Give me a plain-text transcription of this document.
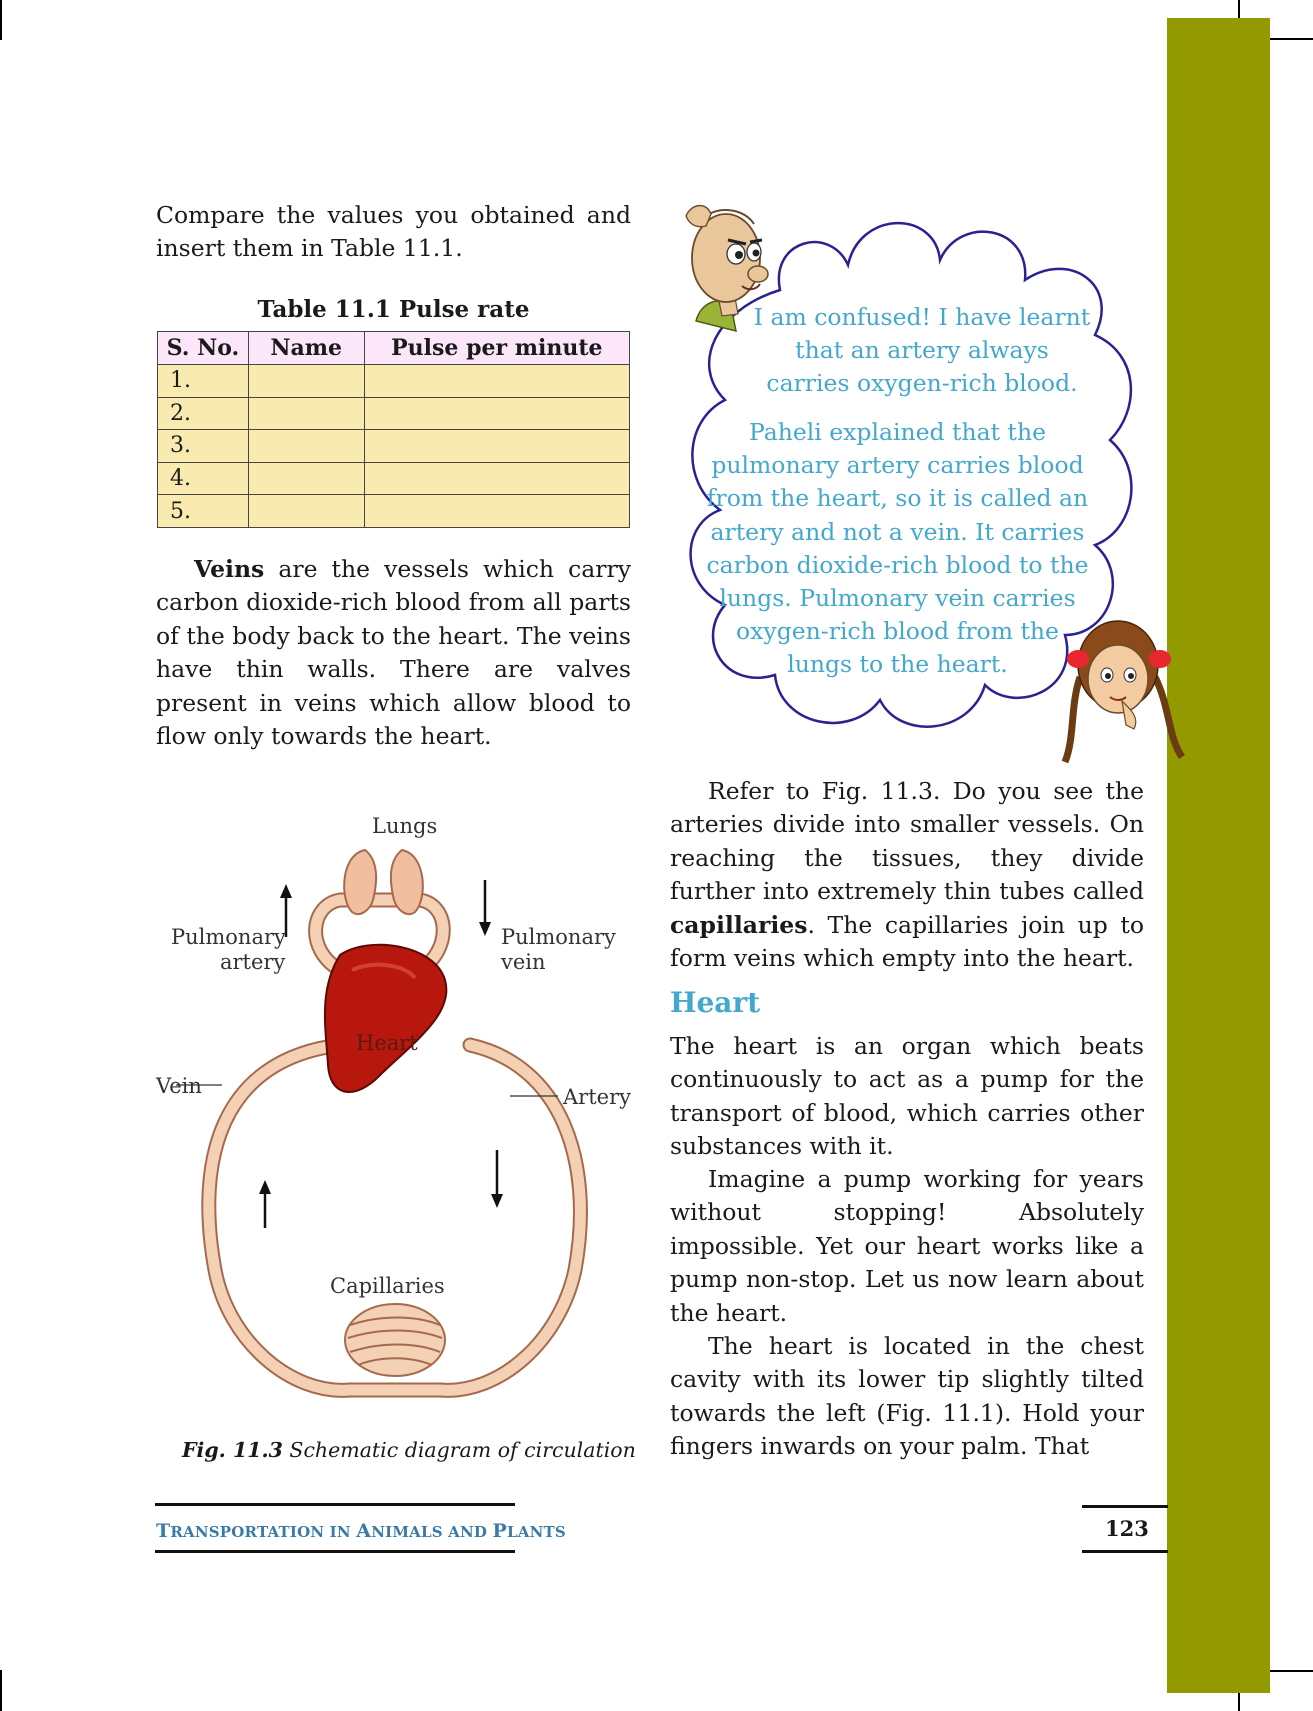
Compare the values you obtained and insert them in Table 11.1.

Table 11.1 Pulse rate
S. No.	Name	Pulse per minute
1.		
2.		
3.		
4.		
5.		

Veins are the vessels which carry carbon dioxide-rich blood from all parts of the body back to the heart. The veins have thin walls. There are valves present in veins which allow blood to flow only towards the heart.

I am confused! I have learnt that an artery always carries oxygen-rich blood.

Paheli explained that the pulmonary artery carries blood from the heart, so it is called an artery and not a vein. It carries carbon dioxide-rich blood to the lungs. Pulmonary vein carries oxygen-rich blood from the lungs to the heart.

Refer to Fig. 11.3. Do you see the arteries divide into smaller vessels. On reaching the tissues, they divide further into extremely thin tubes called capillaries. The capillaries join up to form veins which empty into the heart.

Heart

The heart is an organ which beats continuously to act as a pump for the transport of blood, which carries other substances with it.

Imagine a pump working for years without stopping! Absolutely impossible. Yet our heart works like a pump non-stop. Let us now learn about the heart.

The heart is located in the chest cavity with its lower tip slightly tilted towards the left (Fig. 11.1). Hold your fingers inwards on your palm. That

Lungs
Pulmonary
artery
Pulmonary
vein
Heart
Vein	Artery
Capillaries
Fig. 11.3 Schematic diagram of circulation
TRANSPORTATION IN ANIMALS AND PLANTS	123
